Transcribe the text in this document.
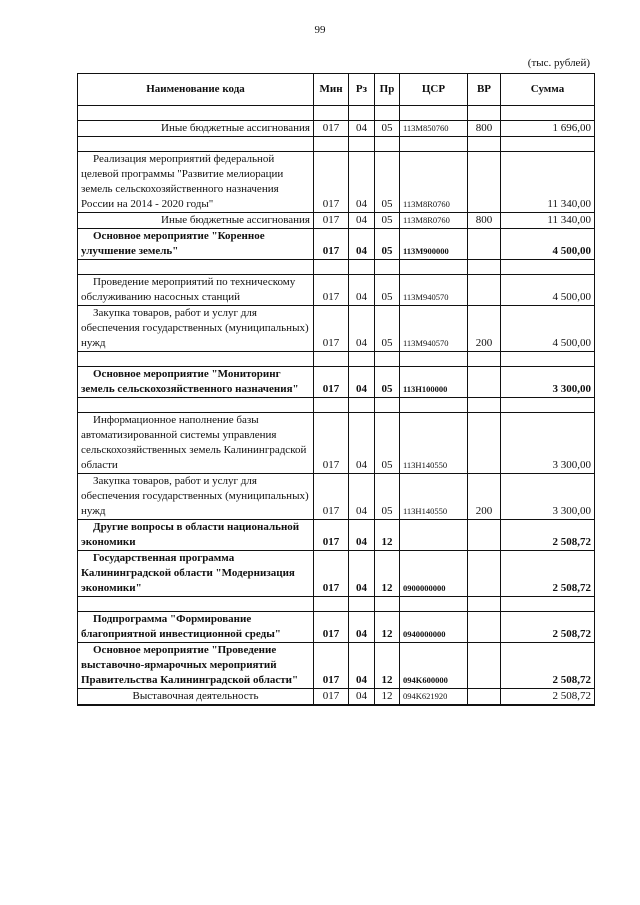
99
(тыс. рублей)
Наименование кода	Мин	Рз	Пр	ЦСР	ВР	Сумма

Иные бюджетные ассигнования	017	04	05	113M850760	800	1 696,00

Реализация мероприятий федеральной целевой программы "Развитие мелиорации земель сельскохозяйственного назначения России на 2014 - 2020 годы"	017	04	05	113M8R0760		11 340,00
Иные бюджетные ассигнования	017	04	05	113M8R0760	800	11 340,00
Основное мероприятие "Коренное улучшение земель"	017	04	05	113M900000		4 500,00

Проведение мероприятий по техническому обслуживанию насосных станций	017	04	05	113M940570		4 500,00
Закупка товаров, работ и услуг для обеспечения государственных (муниципальных) нужд	017	04	05	113M940570	200	4 500,00

Основное мероприятие "Мониторинг земель сельскохозяйственного назначения"	017	04	05	113H100000		3 300,00

Информационное наполнение базы автоматизированной системы управления сельскохозяйственных земель Калининградской области	017	04	05	113H140550		3 300,00
Закупка товаров, работ и услуг для обеспечения государственных (муниципальных) нужд	017	04	05	113H140550	200	3 300,00
Другие вопросы в области национальной экономики	017	04	12			2 508,72
Государственная программа Калининградской области "Модернизация экономики"	017	04	12	0900000000		2 508,72

Подпрограмма "Формирование благоприятной инвестиционной среды"	017	04	12	0940000000		2 508,72
Основное мероприятие "Проведение выставочно-ярмарочных мероприятий Правительства Калининградской области"	017	04	12	094K600000		2 508,72
Выставочная деятельность	017	04	12	094K621920		2 508,72
